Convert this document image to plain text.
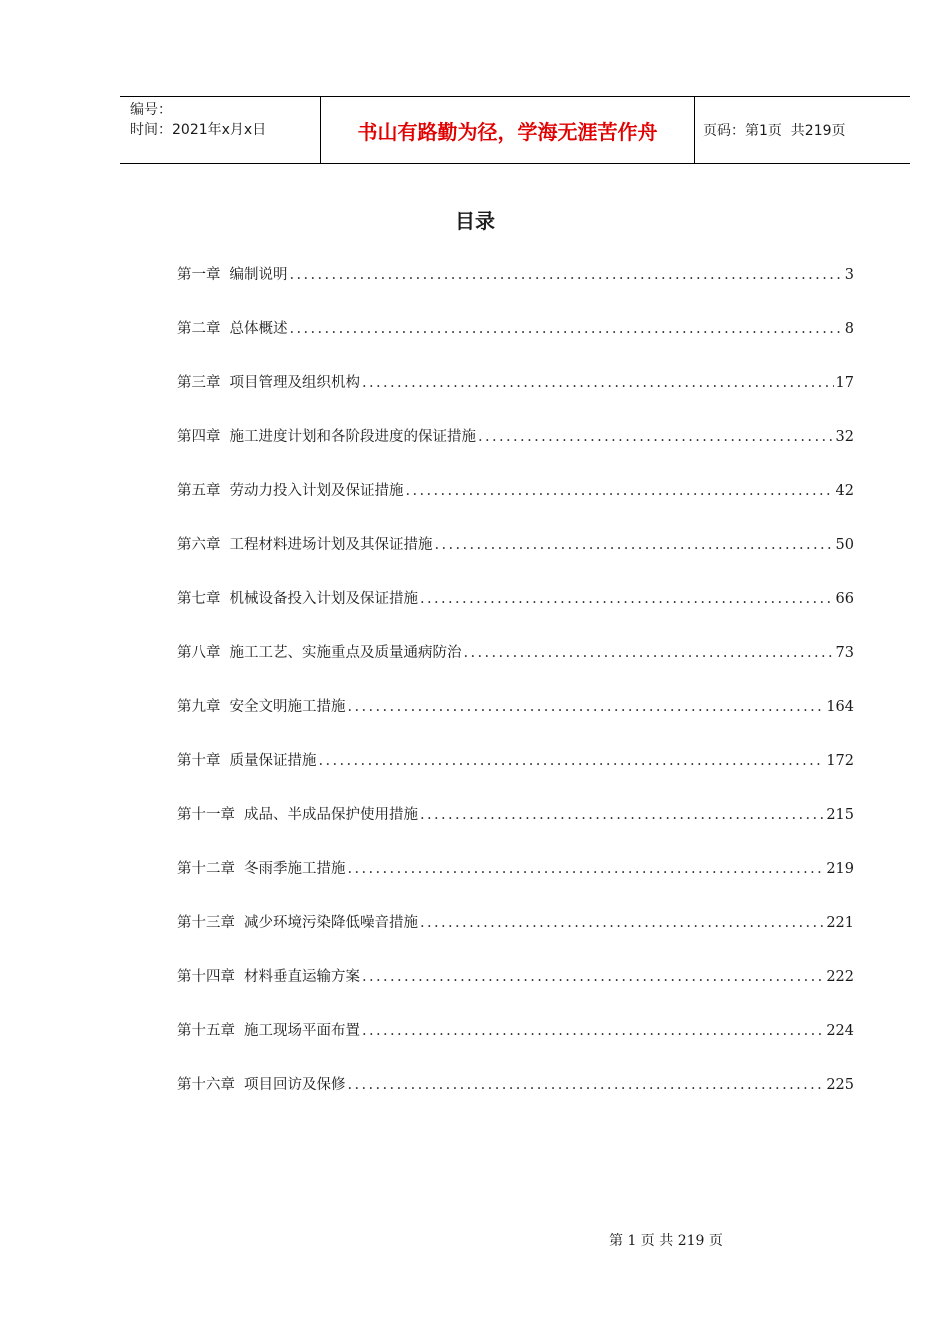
编号：
时间：2021年x月x日	书山有路勤为径，学海无涯苦作舟	页码：第1页  共219页
目录
第一章 编制说明 .....	3
第二章 总体概述 .....	8
第三章 项目管理及组织机构 .....	17
第四章 施工进度计划和各阶段进度的保证措施 .....	32
第五章 劳动力投入计划及保证措施 .....	42
第六章 工程材料进场计划及其保证措施 .....	50
第七章 机械设备投入计划及保证措施 .....	66
第八章 施工工艺、实施重点及质量通病防治 .....	73
第九章 安全文明施工措施 .....	164
第十章 质量保证措施 .....	172
第十一章 成品、半成品保护使用措施 .....	215
第十二章 冬雨季施工措施 .....	219
第十三章 减少环境污染降低噪音措施 .....	221
第十四章 材料垂直运输方案 .....	222
第十五章 施工现场平面布置 .....	224
第十六章 项目回访及保修 .....	225
第 1 页 共 219 页
